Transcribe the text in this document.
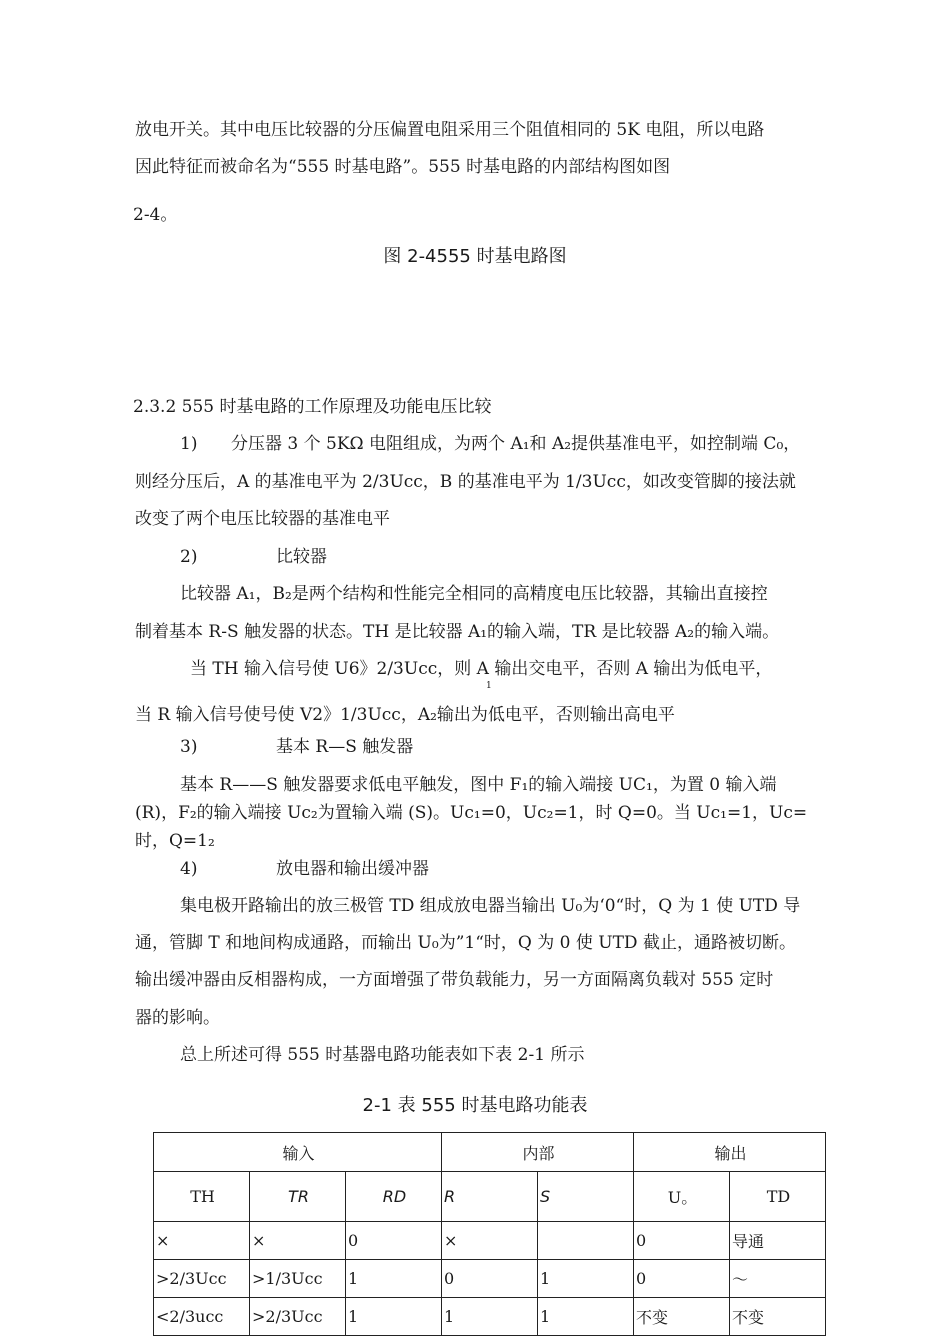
放电开关。其中电压比较器的分压偏置电阻采用三个阻值相同的 5K 电阻，所以电路
因此特征而被命名为“555 时基电路”。555 时基电路的内部结构图如图
2-4。
图 2-4555 时基电路图
2.3.2 555 时基电路的工作原理及功能电压比较
1) 分压器 3 个 5KΩ 电阻组成，为两个 A₁和 A₂提供基准电平，如控制端 C₀，
则经分压后，A 的基准电平为 2/3Ucc，B 的基准电平为 1/3Ucc，如改变管脚的接法就
改变了两个电压比较器的基准电平
2)	比较器
比较器 A₁，B₂是两个结构和性能完全相同的高精度电压比较器，其输出直接控
制着基本 R-S 触发器的状态。TH 是比较器 A₁的输入端，TR 是比较器 A₂的输入端。
当 TH 输入信号使 U6》2/3Ucc，则 A 输出交电平，否则 A 输出为低电平，
1
当 R 输入信号使号使 V2》1/3Ucc，A₂输出为低电平，否则输出高电平
3)	基本 R—S 触发器
基本 R——S 触发器要求低电平触发，图中 F₁的输入端接 UC₁，为置 0 输入端
(R)，F₂的输入端接 Uc₂为置输入端 (S)。Uc₁=0，Uc₂=1，时 Q=0。当 Uc₁=1，Uc=
时，Q=1₂
4)	放电器和输出缓冲器
集电极开路输出的放三极管 TD 组成放电器当输出 U₀为‘0“时，Q 为 1 使 UTD 导
通，管脚 T 和地间构成通路，而输出 U₀为”1“时，Q 为 0 使 UTD 截止，通路被切断。
输出缓冲器由反相器构成，一方面增强了带负载能力，另一方面隔离负载对 555 定时
器的影响。
总上所述可得 555 时基器电路功能表如下表 2-1 所示
2-1 表 555 时基电路功能表
输入			内部		输出	
TH	TR	RD	R	S	U。	TD
×	×	0	×		0	导通
>2/3Ucc	>1/3Ucc	1	0	1	0	〜
<2/3ucc	>2/3Ucc	1	1	1	不变	不变
